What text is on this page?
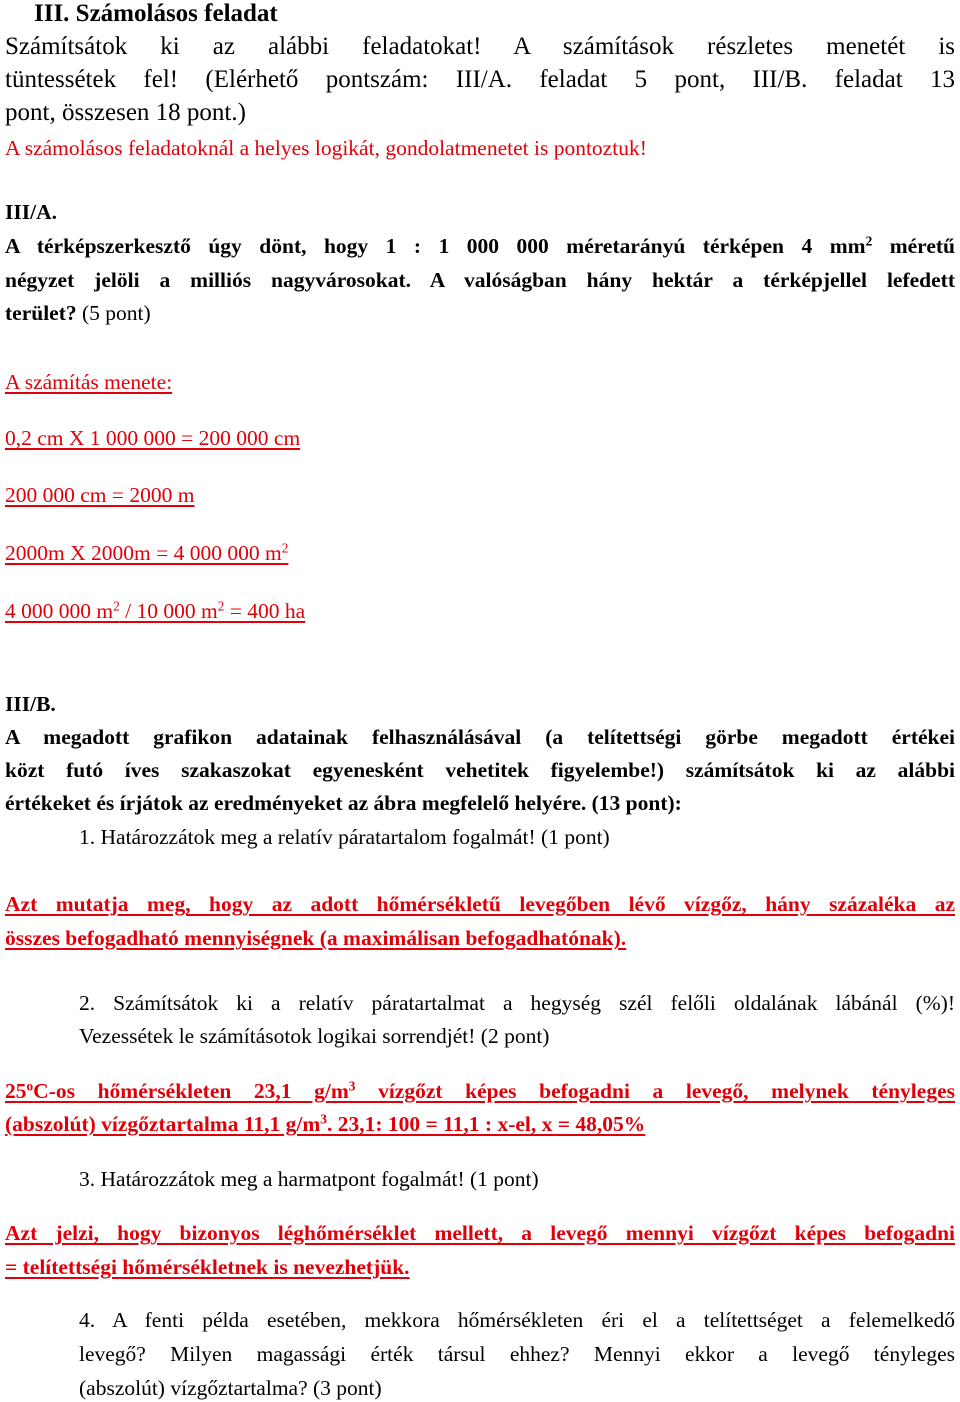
III. Számolásos feladat
Számítsátok ki az alábbi feladatokat! A számítások részletes menetét is
tüntessétek fel! (Elérhető pontszám: III/A. feladat 5 pont, III/B. feladat 13
pont, összesen 18 pont.)
A számolásos feladatoknál a helyes logikát, gondolatmenetet is pontoztuk!
III/A.
A térképszerkesztő úgy dönt, hogy 1 : 1 000 000 méretarányú térképen 4 $mm^2$ méretű
négyzet jelöli a milliós nagyvárosokat. A valóságban hány hektár a térképjellel lefedett
terület? (5 pont)
A számítás menete:
0,2 cm X 1 000 000 = 200 000 cm
200 000 cm = 2000 m
2000m X 2000m = 4 000 000 $m^2$
4 000 000 $m^2 / 10$ 000 $m^2 = 400$ ha
III/B.
A megadott grafikon adatainak felhasználásával (a telítettségi görbe megadott értékei
közt futó íves szakaszokat egyenesként vehetitek figyelembe!) számítsátok ki az alábbi
értékeket és írjátok az eredményeket az ábra megfelelő helyére. (13 pont):
1. Határozzátok meg a relatív páratartalom fogalmát! (1 pont)
Azt mutatja meg, hogy az adott hőmérsékletű levegőben lévő vízgőz, hány százaléka az
összes befogadható mennyiségnek (a maximálisan befogadhatónak).
2. Számítsátok ki a relatív páratartalmat a hegység szél felőli oldalának lábánál (%)!
Vezessétek le számításotok logikai sorrendjét! (2 pont)
25$^o$C-os hőmérsékleten 23,1 $g/m^3$ vízgőzt képes befogadni a levegő, melynek tényleges
(abszolút) vízgőztartalma 11,1 $g/m^3$. 23,1: 100 = 11,1 : x-el, x = 48,05%
3. Határozzátok meg a harmatpont fogalmát! (1 pont)
Azt jelzi, hogy bizonyos léghőmérséklet mellett, a levegő mennyi vízgőzt képes befogadni
= telítettségi hőmérsékletnek is nevezhetjük.
4. A fenti példa esetében, mekkora hőmérsékleten éri el a telítettséget a felemelkedő
levegő? Milyen magassági érték társul ehhez? Mennyi ekkor a levegő tényleges
(abszolút) vízgőztartalma? (3 pont)
